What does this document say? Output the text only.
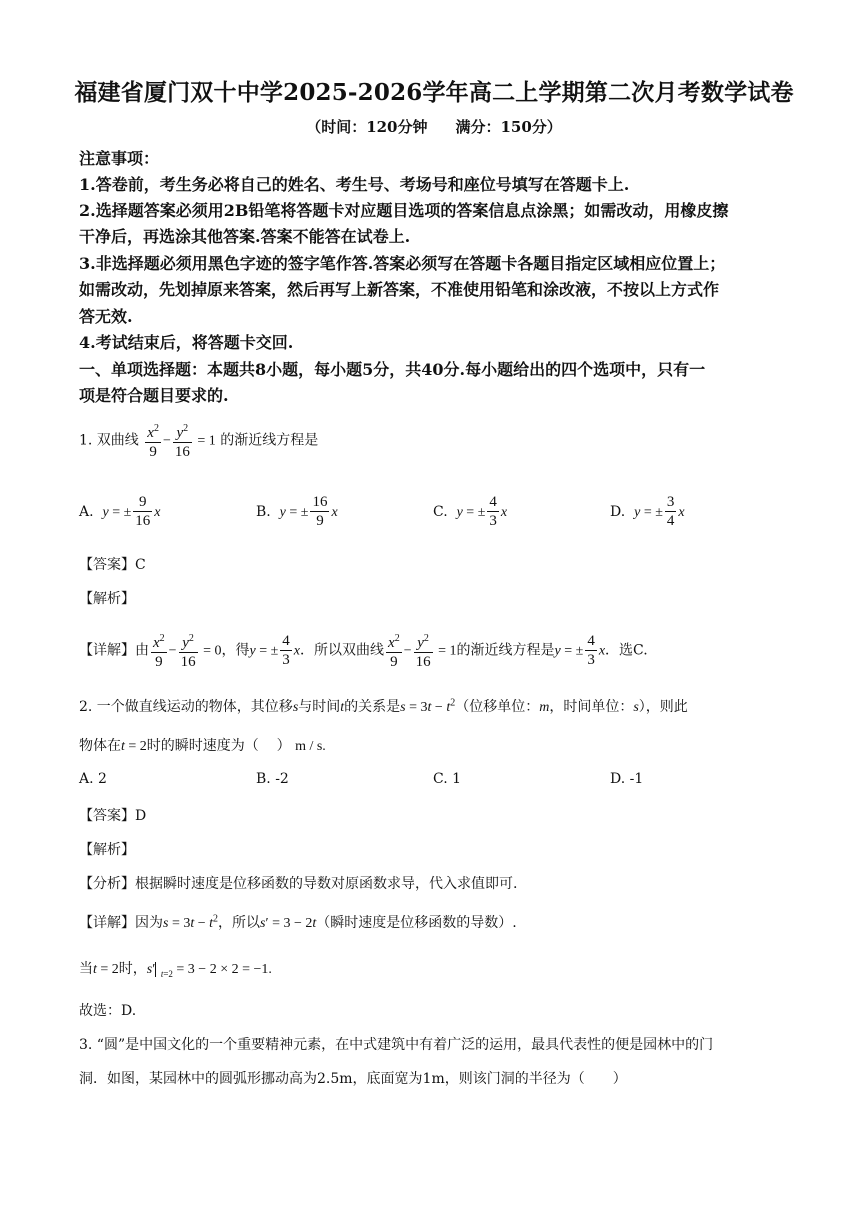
福建省厦门双十中学2025-2026学年高二上学期第二次月考数学试卷
（时间：120分钟 满分：150分）
注意事项：
1.答卷前，考生务必将自己的姓名、考生号、考场号和座位号填写在答题卡上.
2.选择题答案必须用2B铅笔将答题卡对应题目选项的答案信息点涂黑；如需改动，用橡皮擦
干净后，再选涂其他答案.答案不能答在试卷上.
3.非选择题必须用黑色字迹的签字笔作答.答案必须写在答题卡各题目指定区域相应位置上；
如需改动，先划掉原来答案，然后再写上新答案，不准使用铅笔和涂改液，不按以上方式作
答无效.
4.考试结束后，将答题卡交回.
一、单项选择题：本题共8小题，每小题5分，共40分.每小题给出的四个选项中，只有一
项是符合题目要求的.
1. 双曲线 $\frac{x^2}{9} - \frac{y^2}{16} = 1$ 的渐近线方程是
A. y = ± $\frac{9}{16}$ x	B. y = ± $\frac{16}{9}$ x	C. y = ± $\frac{4}{3}$ x	D. y = ± $\frac{3}{4}$ x
【答案】C
【解析】
【详解】由 $\frac{x^2}{9} - \frac{y^2}{16} = 0$，得y = ± $\frac{4}{3}$ x．所以双曲线 $\frac{x^2}{9} - \frac{y^2}{16} = 1$的渐近线方程是y = ± $\frac{4}{3}$ x．选C.
2. 一个做直线运动的物体，其位移s与时间t的关系是$s = 3t - t^2$（位移单位：m，时间单位：s），则此
物体在t = 2时的瞬时速度为（ ） m / s.
A. 2	B. -2	C. 1	D. -1
【答案】D
【解析】
【分析】根据瞬时速度是位移函数的导数对原函数求导，代入求值即可.
【详解】因为$s = 3t - t^2$，所以s′ = 3 − 2t（瞬时速度是位移函数的导数）.
当t = 2时，s′ $_{t=2}$ = 3 − 2 × 2 = −1.
故选：D.
3. “圆”是中国文化的一个重要精神元素，在中式建筑中有着广泛的运用，最具代表性的便是园林中的门
洞．如图，某园林中的圆弧形挪动高为2.5m，底面宽为1m，则该门洞的半径为（　　）
